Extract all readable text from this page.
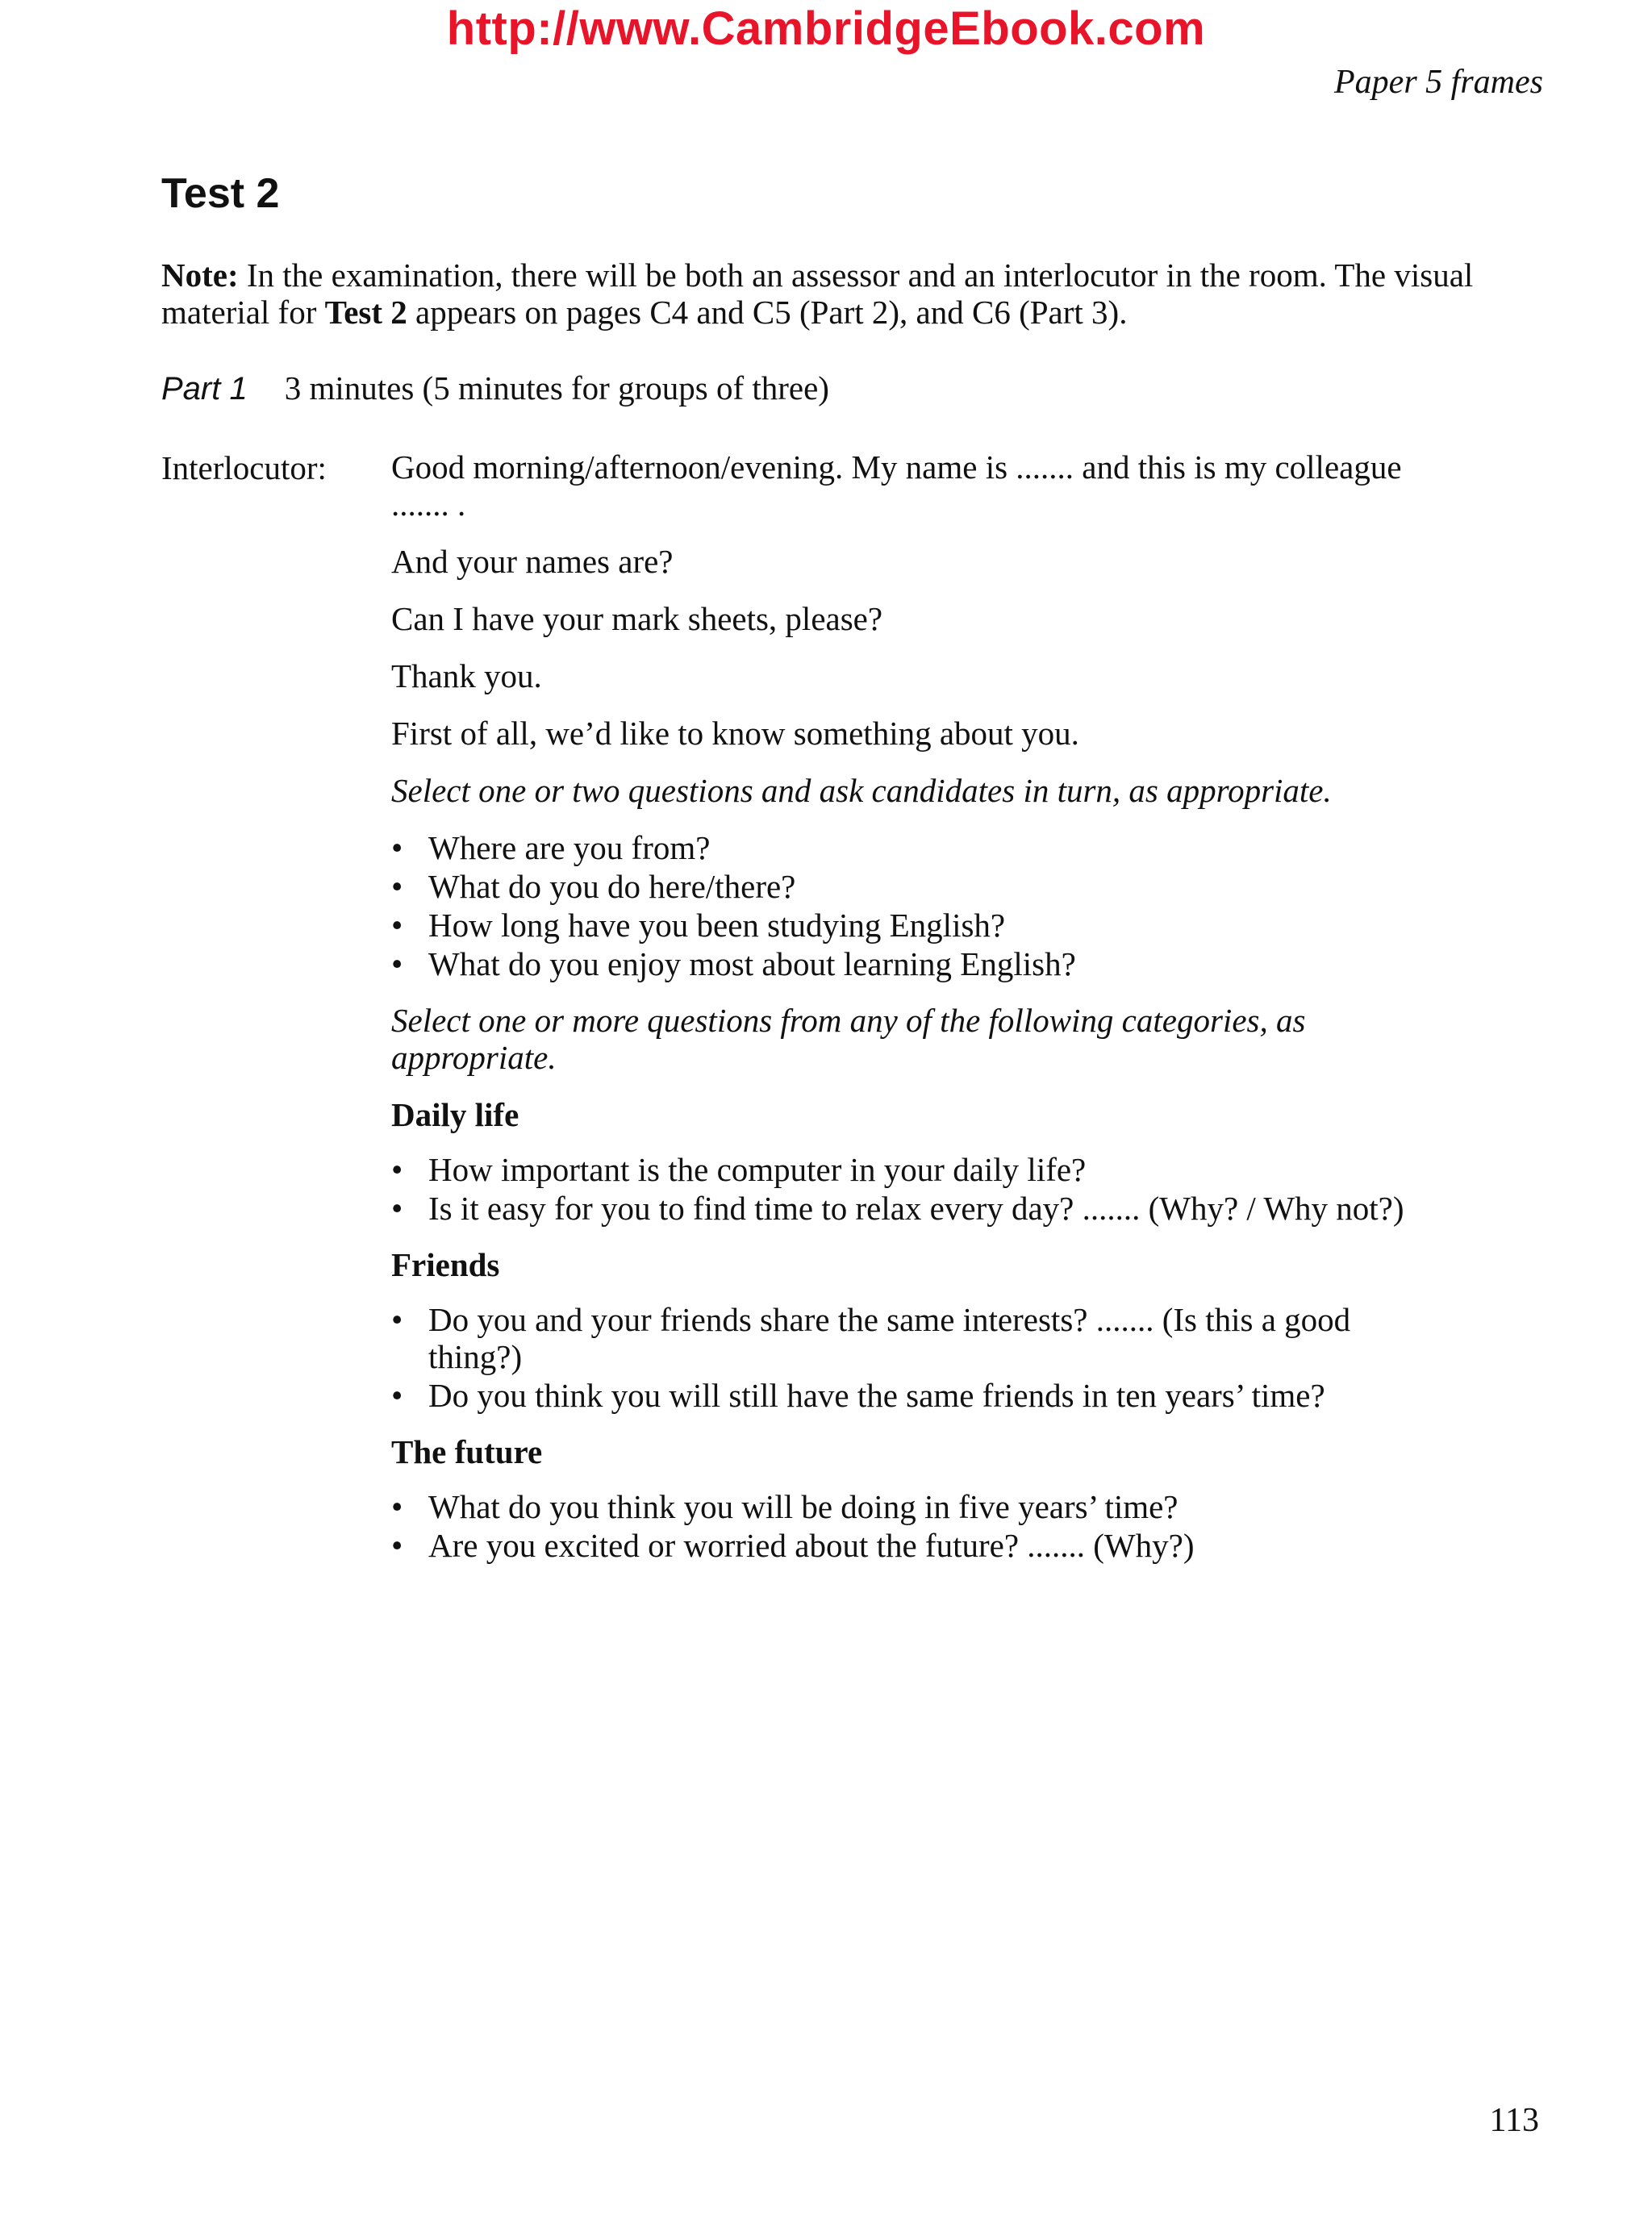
http://www.CambridgeEbook.com
Paper 5 frames
Test 2

Note: In the examination, there will be both an assessor and an interlocutor in the room. The visual material for Test 2 appears on pages C4 and C5 (Part 2), and C6 (Part 3).

Part 1 3 minutes (5 minutes for groups of three)
Interlocutor: Good morning/afternoon/evening. My name is ....... and this is my colleague ....... .

And your names are?

Can I have your mark sheets, please?

Thank you.

First of all, we’d like to know something about you.

Select one or two questions and ask candidates in turn, as appropriate.

• Where are you from?
• What do you do here/there?
• How long have you been studying English?
• What do you enjoy most about learning English?

Select one or more questions from any of the following categories, as appropriate.

Daily life

• How important is the computer in your daily life?
• Is it easy for you to find time to relax every day? ....... (Why? / Why not?)

Friends

• Do you and your friends share the same interests? ....... (Is this a good thing?)
• Do you think you will still have the same friends in ten years’ time?

The future

• What do you think you will be doing in five years’ time?
• Are you excited or worried about the future? ....... (Why?)
113
